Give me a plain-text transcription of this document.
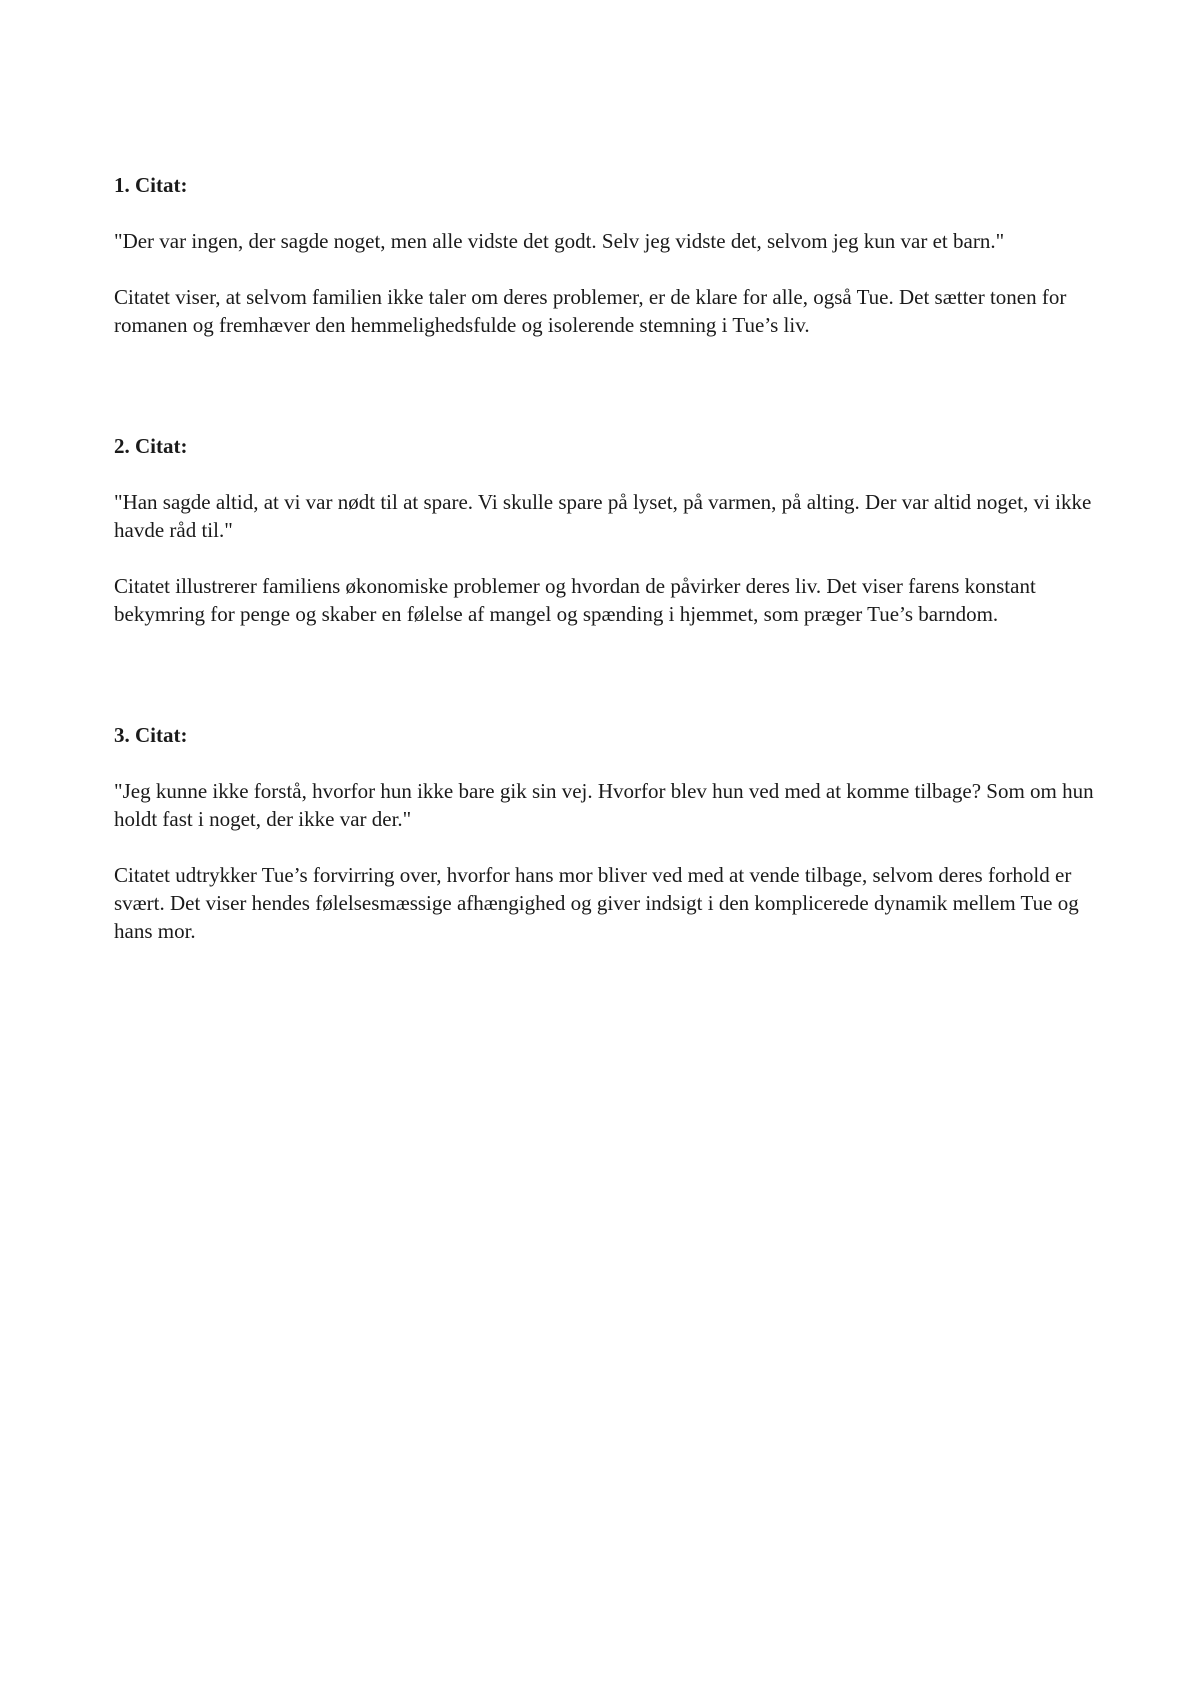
1. Citat:

"Der var ingen, der sagde noget, men alle vidste det godt. Selv jeg vidste det, selvom jeg kun var et barn."

Citatet viser, at selvom familien ikke taler om deres problemer, er de klare for alle, også Tue. Det sætter tonen for romanen og fremhæver den hemmelighedsfulde og isolerende stemning i Tue’s liv.

2. Citat:

"Han sagde altid, at vi var nødt til at spare. Vi skulle spare på lyset, på varmen, på alting. Der var altid noget, vi ikke havde råd til."

Citatet illustrerer familiens økonomiske problemer og hvordan de påvirker deres liv. Det viser farens konstant bekymring for penge og skaber en følelse af mangel og spænding i hjemmet, som præger Tue’s barndom.

3. Citat:

"Jeg kunne ikke forstå, hvorfor hun ikke bare gik sin vej. Hvorfor blev hun ved med at komme tilbage? Som om hun holdt fast i noget, der ikke var der."

Citatet udtrykker Tue’s forvirring over, hvorfor hans mor bliver ved med at vende tilbage, selvom deres forhold er svært. Det viser hendes følelsesmæssige afhængighed og giver indsigt i den komplicerede dynamik mellem Tue og hans mor.
